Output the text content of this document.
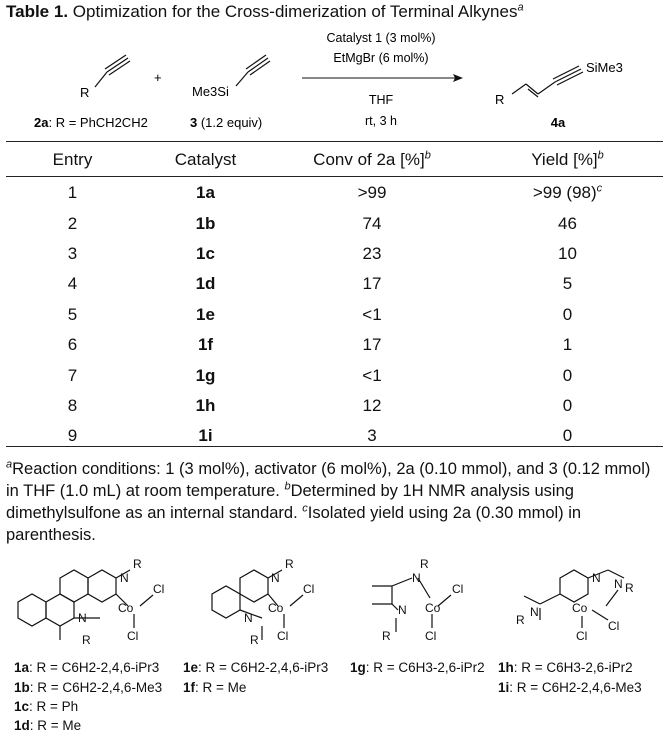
Table 1. Optimization for the Cross-dimerization of Terminal Alkynes$^a$
R
+
Me3Si
Catalyst 1 (3 mol%)
EtMgBr (6 mol%)
THF
rt, 3 h
R
SiMe3
2a: R = PhCH2CH2	3 (1.2 equiv)	4a
Entry	Catalyst	Conv of 2a [%]$^b$	Yield [%]$^b$
1	1a	>99	>99 (98)$^c$
2	1b	74	46
3	1c	23	10
4	1d	17	5
5	1e	<1	0
6	1f	17	1
7	1g	<1	0
8	1h	12	0
9	1i	3	0
$^a$Reaction conditions: 1 (3 mol%), activator (6 mol%), 2a (0.10 mmol), and 3 (0.12 mmol) in THF (1.0 mL) at room temperature. $^b$Determined by 1H NMR analysis using dimethylsulfone as an internal standard. $^c$Isolated yield using 2a (0.30 mmol) in parenthesis.
N
N
Co
Cl
Cl
R
R
N
N
Co
Cl
Cl
R
R
N
N Co
Cl
Cl
R
R
N
N
N
Co
Cl
Cl
R
R
1a: R = C6H2-2,4,6-iPr3
1b: R = C6H2-2,4,6-Me3
1c: R = Ph
1d: R = Me
1e: R = C6H2-2,4,6-iPr3
1f: R = Me
1g: R = C6H3-2,6-iPr2 1h: R = C6H3-2,6-iPr2
1i: R = C6H2-2,4,6-Me3
